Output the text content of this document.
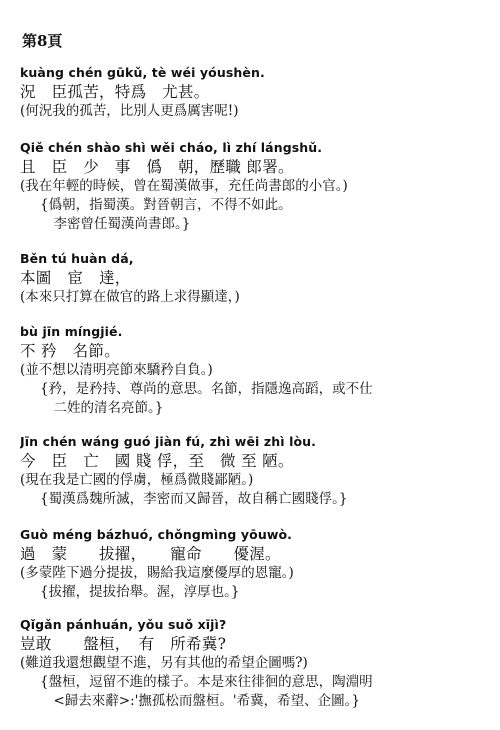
第8頁
kuàng chén gūkǔ, tè wéi yóushèn.
況　臣孤苦，特爲　尤甚。
(何況我的孤苦，比別人更爲厲害呢!)
Qiě chén shào shì wěi cháo, lì zhí lángshǔ.
且　臣　少　事　僞　朝，歷職 郎署。
(我在年輕的時候，曾在蜀漢做事，充任尚書郎的小官。)
{僞朝，指蜀漢。對晉朝言，不得不如此。
　李密曾任蜀漢尚書郎。}
Běn tú huàn dá,
本圖　宦　達，
(本來只打算在做官的路上求得顯達，)
bù jīn míngjié.
不 矜　名節。
(並不想以清明亮節來驕矜自負。)
{矜，是矜持、尊尚的意思。名節，指隱逸高蹈，或不仕
　二姓的清名亮節。}
Jīn chén wáng guó jiàn fú, zhì wēi zhì lòu.
今　臣　亡　國 賤 俘，至　微 至 陋。
(現在我是亡國的俘虜，極爲微賤鄙陋。)
{蜀漢爲魏所滅，李密而又歸晉，故自稱亡國賤俘。}
Guò méng bázhuó, chǒngmìng yōuwò.
過　蒙　　拔擢，　　寵命　　優渥。
(多蒙陛下過分提拔，賜給我這麼優厚的恩寵。)
{拔擢，提拔抬舉。渥，淳厚也。}
Qǐgǎn pánhuán, yǒu suǒ xījì?
豈敢　　盤桓，　有　所希冀?
(難道我還想觀望不進，另有其他的希望企圖嗎?)
{盤桓，逗留不進的樣子。本是來往徘徊的意思，陶淵明
　<歸去來辭>:'撫孤松而盤桓。'希冀，希望、企圖。}
